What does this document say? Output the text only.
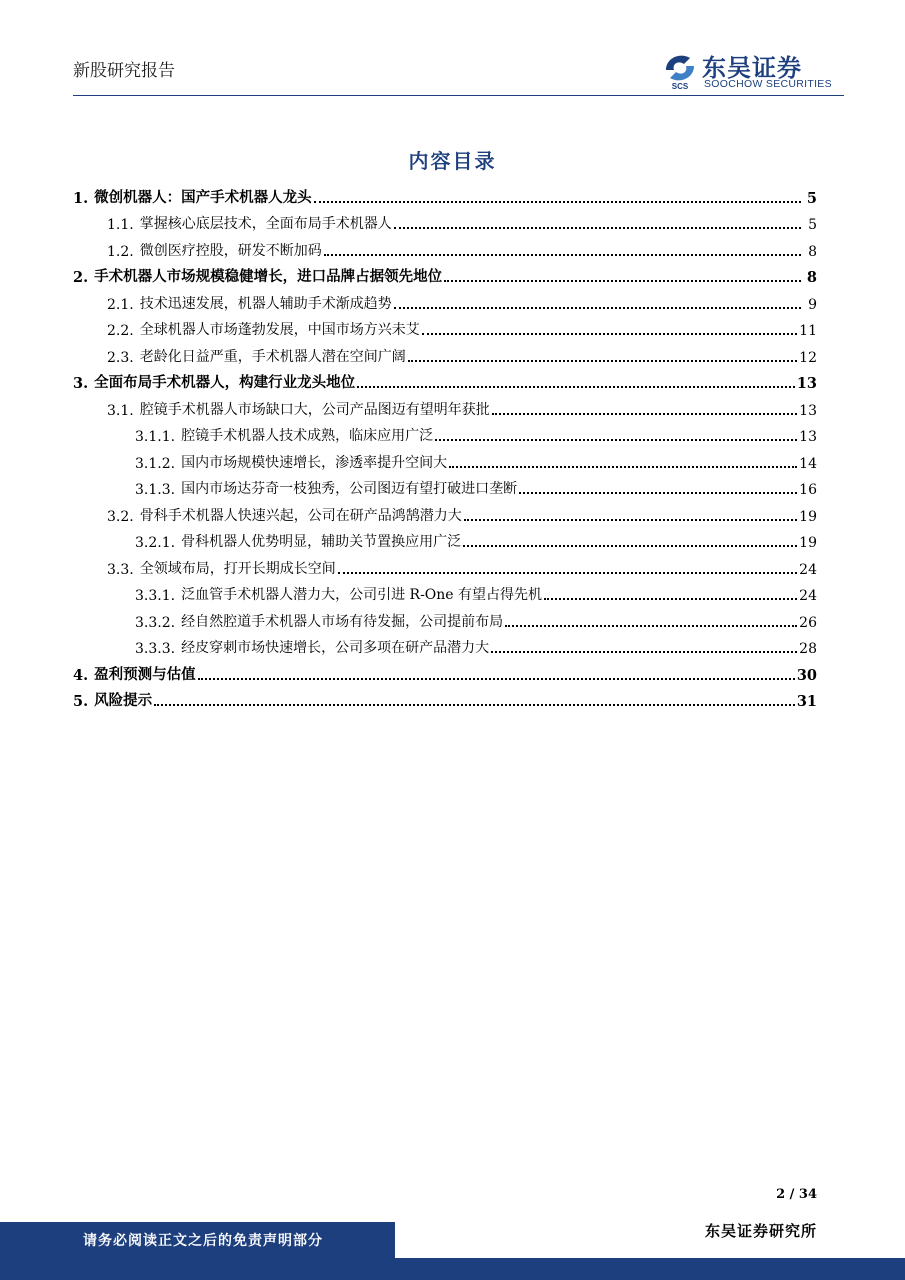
新股研究报告
SCS
东吴证券
SOOCHOW SECURITIES
内容目录
1. 微创机器人：国产手术机器人龙头	5
1.1. 掌握核心底层技术，全面布局手术机器人	5
1.2. 微创医疗控股，研发不断加码	8
2. 手术机器人市场规模稳健增长，进口品牌占据领先地位	8
2.1. 技术迅速发展，机器人辅助手术渐成趋势	9
2.2. 全球机器人市场蓬勃发展，中国市场方兴未艾	11
2.3. 老龄化日益严重，手术机器人潜在空间广阔	12
3. 全面布局手术机器人，构建行业龙头地位	13
3.1. 腔镜手术机器人市场缺口大，公司产品图迈有望明年获批	13
3.1.1. 腔镜手术机器人技术成熟，临床应用广泛	13
3.1.2. 国内市场规模快速增长，渗透率提升空间大	14
3.1.3. 国内市场达芬奇一枝独秀，公司图迈有望打破进口垄断	16
3.2. 骨科手术机器人快速兴起，公司在研产品鸿鹄潜力大	19
3.2.1. 骨科机器人优势明显，辅助关节置换应用广泛	19
3.3. 全领域布局，打开长期成长空间	24
3.3.1. 泛血管手术机器人潜力大，公司引进 R-One 有望占得先机	24
3.3.2. 经自然腔道手术机器人市场有待发掘，公司提前布局	26
3.3.3. 经皮穿刺市场快速增长，公司多项在研产品潜力大	28
4. 盈利预测与估值	30
5. 风险提示	31
2 / 34
请务必阅读正文之后的免责声明部分
东吴证券研究所
